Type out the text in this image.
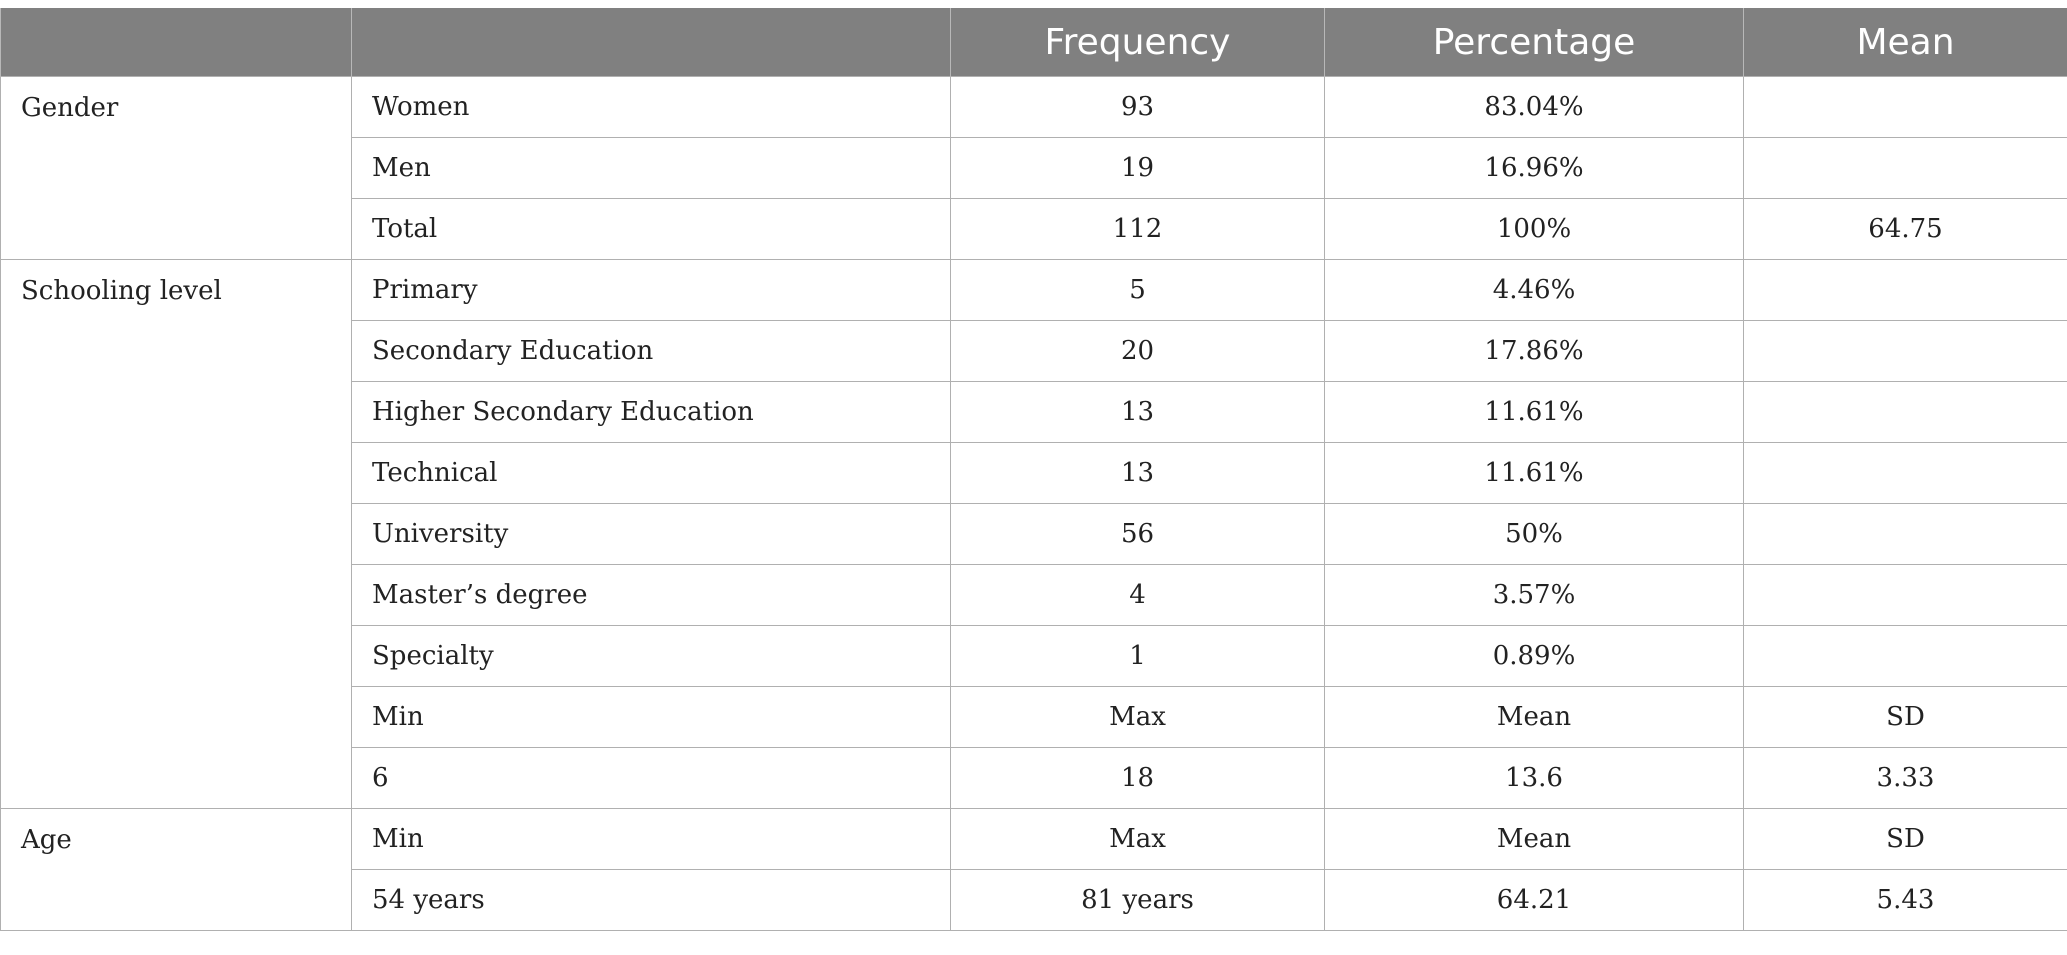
		Frequency	Percentage	Mean
Gender	Women	93	83.04%	
	Men	19	16.96%	
	Total	112	100%	64.75
Schooling level	Primary	5	4.46%	
	Secondary Education	20	17.86%	
	Higher Secondary Education	13	11.61%	
	Technical	13	11.61%	
	University	56	50%	
	Master’s degree	4	3.57%	
	Specialty	1	0.89%	
	Min	Max	Mean	SD
	6	18	13.6	3.33
Age	Min	Max	Mean	SD
	54 years	81 years	64.21	5.43
